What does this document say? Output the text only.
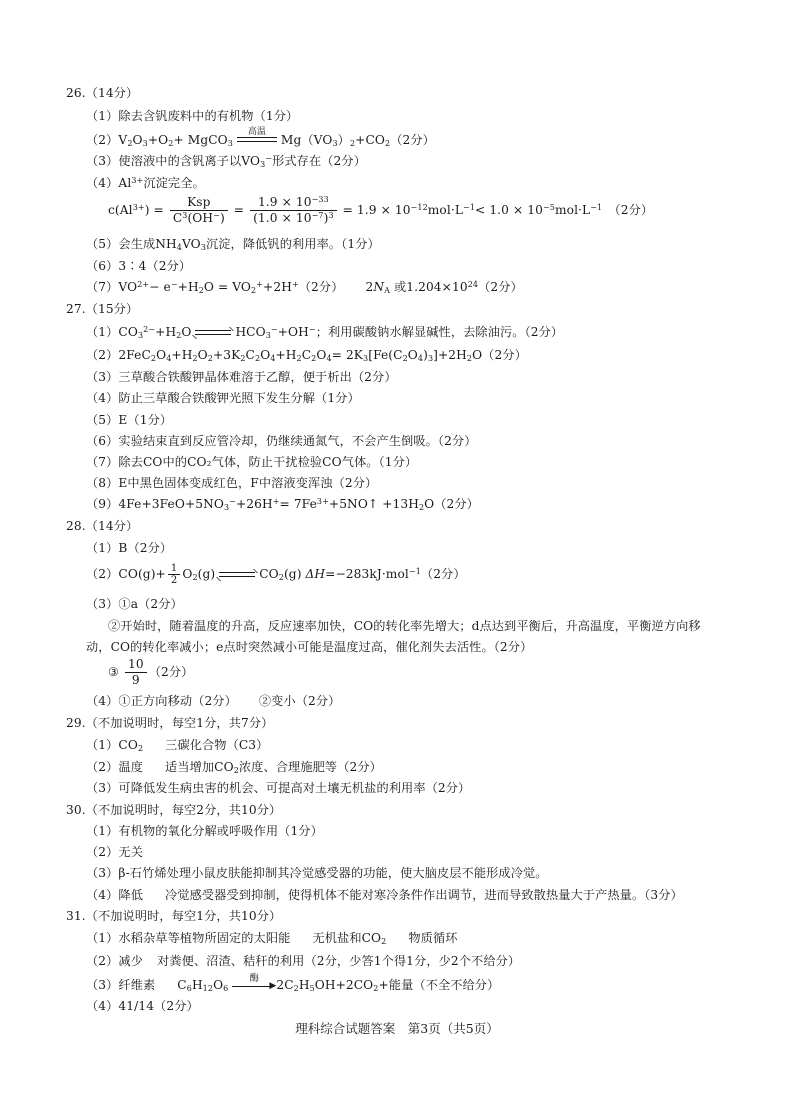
26.（14分）
（1）除去含钒废料中的有机物（1分）
$(2)V_2O_3+O_2+$ MgCO$_3$
高温
$Mg(VO_3)_2+CO_2(2$分）
（3）使溶液中的含钒离子以$VO_3^-$形式存在（2分）
$(4)Al^{3+}$沉淀完全。
$c(Al^{3+}) = \frac{\text{Ksp}}{C^3(OH^-)} = \frac{1.9 \times 10^{-33}}{(1.0 \times 10^{-7})^3} = 1.9 \times 10^{-12}mol\cdot L^{-1}< 1.0 \times 10^{-5}mol\cdot L^{-1}$　（2分）
（5）会生成$NH_4VO_3$沉淀，降低钒的利用率。（1分）
（6）3∶4（2分）
$(7)VO^{2+}- e^-+H_2O = VO_2^++2H^+(2$分） $2N_A$ 或$1.204\times 10^{24}(2$分）
27.（15分）
$(1)CO_3^{2-}+H_2O$	$HCO_3^-+OH^-$；利用碳酸钠水解显碱性，去除油污。（2分）
$(2)2FeC_2O_4+H_2O_2+3K_2C_2O_4+H_2C_2O_4= 2K_3[Fe(C_2O_4)_3]+2H_2O(2$分）
（3）三草酸合铁酸钾晶体难溶于乙醇，便于析出（2分）
（4）防止三草酸合铁酸钾光照下发生分解（1分）
（5）E（1分）
（6）实验结束直到反应管冷却，仍继续通氮气，不会产生倒吸。（2分）
（7）除去CO中的CO₂气体，防止干扰检验CO气体。（1分）
（8）E中黑色固体变成红色，F中溶液变浑浊（2分）
$(9)4Fe+3FeO+5NO_3^-+26H^+=$ $7Fe^{3+}+5NO↑ +13H_2O(2$分）
28.（14分）
（1）B（2分）
$(2)CO(g)+ \frac{1}{2} O_2(g)$	$CO_2(g)$ ΔH=−283kJ·mol$^{-1}$（2分）
（3）①a（2分）
②开始时，随着温度的升高，反应速率加快，CO的转化率先增大；d点达到平衡后，升高温度，平衡逆方向移
动，CO的转化率减小；e点时突然减小可能是温度过高，催化剂失去活性。（2分）
③ $\frac{10}{9} (2$分）
（4）①正方向移动（2分） ②变小（2分）
29.（不加说明时，每空1分，共7分）
$(1)CO_2$ 三碳化合物（C3）
（2）温度 适当增加$CO_2$浓度、合理施肥等（2分）
（3）可降低发生病虫害的机会、可提高对土壤无机盐的利用率（2分）
30.（不加说明时，每空2分，共10分）
（1）有机物的氧化分解或呼吸作用（1分）
（2）无关
（3）β-石竹烯处理小鼠皮肤能抑制其冷觉感受器的功能，使大脑皮层不能形成冷觉。
（4）降低 冷觉感受器受到抑制，使得机体不能对寒冷条件作出调节，进而导致散热量大于产热量。（3分）
31.（不加说明时，每空1分，共10分）
（1）水稻杂草等植物所固定的太阳能 无机盐和$CO_2$ 物质循环
（2）减少 对粪便、沼渣、秸秆的利用（2分，少答1个得1分，少2个不给分）
（3）纤维素 $C_6H_{12}O_6$
酶
▶ $2C_2H_5OH+2CO_2+$能量（不全不给分）
（4）41/14（2分）
理科综合试题答案　第3页（共5页）
